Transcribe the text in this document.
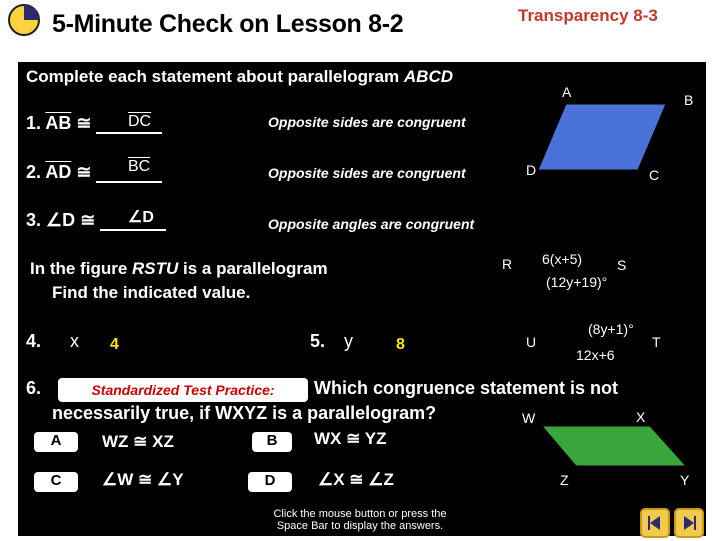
5-Minute Check on Lesson 8-2	Transparency 8-3
Complete each statement about parallelogram ABCD
1. $\overline{AB}$ ≅	$\overline{DC}$	Opposite sides are congruent
2. $\overline{AD}$ ≅	$\overline{BC}$	Opposite sides are congruent
3. ∠D ≅	∠D	Opposite angles are congruent
A	B
D	C
In the figure RSTU is a parallelogram
Find the indicated value.
R	S
T
U
6(x+5)
(12y+19)°
(8y+1)°
12x+6
4. x 4	5. y	8
6.	Standardized Test Practice:	Which congruence statement is not
necessarily true, if WXYZ is a parallelogram?
A	WZ ≅ XZ	B	WX ≅ YZ
C	∠W ≅ ∠Y	D	∠X ≅ ∠Z
W	X
Y
Z
Click the mouse button or press the
Space Bar to display the answers.
